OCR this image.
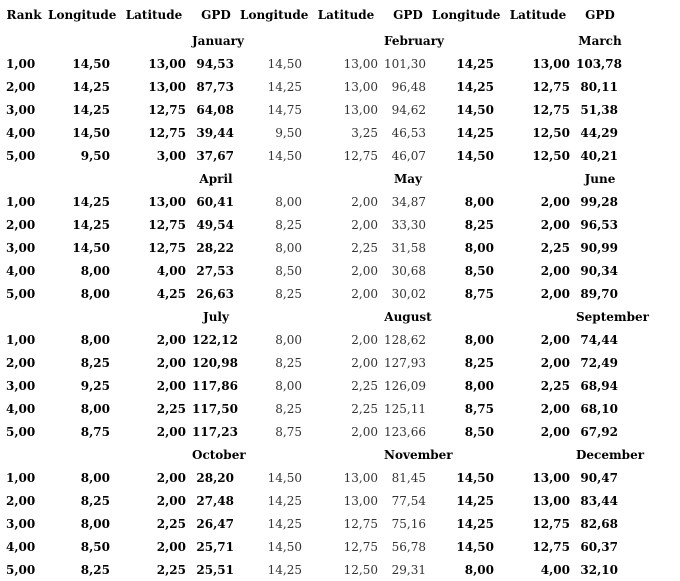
Rank	Longitude	Latitude	GPD	Longitude	Latitude	GPD	Longitude	Latitude	GPD	
			January			February			March	
1,00	14,50	13,00	94,53	14,50	13,00	101,30	14,25	13,00	103,78	
2,00	14,25	13,00	87,73	14,25	13,00	96,48	14,25	12,75	80,11	
3,00	14,25	12,75	64,08	14,75	13,00	94,62	14,50	12,75	51,38	
4,00	14,50	12,75	39,44	9,50	3,25	46,53	14,25	12,50	44,29	
5,00	9,50	3,00	37,67	14,50	12,75	46,07	14,50	12,50	40,21	
			April			May			June	
1,00	14,25	13,00	60,41	8,00	2,00	34,87	8,00	2,00	99,28	
2,00	14,25	12,75	49,54	8,25	2,00	33,30	8,25	2,00	96,53	
3,00	14,50	12,75	28,22	8,00	2,25	31,58	8,00	2,25	90,99	
4,00	8,00	4,00	27,53	8,50	2,00	30,68	8,50	2,00	90,34	
5,00	8,00	4,25	26,63	8,25	2,00	30,02	8,75	2,00	89,70	
			July			August			September	
1,00	8,00	2,00	122,12	8,00	2,00	128,62	8,00	2,00	74,44	
2,00	8,25	2,00	120,98	8,25	2,00	127,93	8,25	2,00	72,49	
3,00	9,25	2,00	117,86	8,00	2,25	126,09	8,00	2,25	68,94	
4,00	8,00	2,25	117,50	8,25	2,25	125,11	8,75	2,00	68,10	
5,00	8,75	2,00	117,23	8,75	2,00	123,66	8,50	2,00	67,92	
			October			November			December	
1,00	8,00	2,00	28,20	14,50	13,00	81,45	14,50	13,00	90,47	
2,00	8,25	2,00	27,48	14,25	13,00	77,54	14,25	13,00	83,44	
3,00	8,00	2,25	26,47	14,25	12,75	75,16	14,25	12,75	82,68	
4,00	8,50	2,00	25,71	14,50	12,75	56,78	14,50	12,75	60,37	
5,00	8,25	2,25	25,51	14,25	12,50	29,31	8,00	4,00	32,10	
